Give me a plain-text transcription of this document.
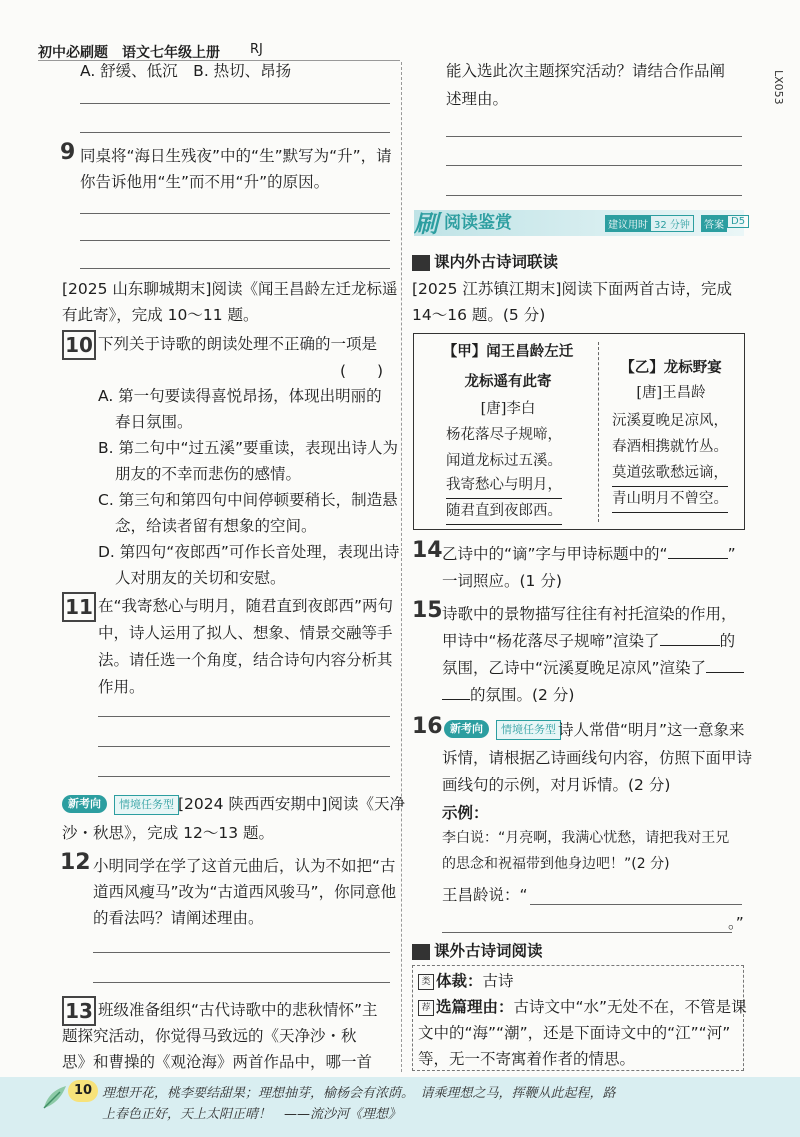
初中必刷题　语文七年级上册 RJ
LX053
A. 舒缓、低沉　B. 热切、昂扬
9 同桌将“海日生残夜”中的“生”默写为“升”，请
你告诉他用“生”而不用“升”的原因。
[2025 山东聊城期末]阅读《闻王昌龄左迁龙标遥
有此寄》，完成 10～11 题。
10 下列关于诗歌的朗读处理不正确的一项是
(　　)
A. 第一句要读得喜悦昂扬，体现出明丽的
春日氛围。
B. 第二句中“过五溪”要重读，表现出诗人为
朋友的不幸而悲伤的感情。
C. 第三句和第四句中间停顿要稍长，制造悬
念，给读者留有想象的空间。
D. 第四句“夜郎西”可作长音处理，表现出诗
人对朋友的关切和安慰。
11 在“我寄愁心与明月，随君直到夜郎西”两句
中，诗人运用了拟人、想象、情景交融等手
法。请任选一个角度，结合诗句内容分析其
作用。
新考向	情境任务型 [2024 陕西西安期中]阅读《天净
沙・秋思》，完成 12～13 题。
12 小明同学在学了这首元曲后，认为不如把“古
道西风瘦马”改为“古道西风骏马”，你同意他
的看法吗？请阐述理由。
13 班级准备组织“古代诗歌中的悲秋情怀”主
题探究活动，你觉得马致远的《天净沙・秋
思》和曹操的《观沧海》两首作品中，哪一首
能入选此次主题探究活动？请结合作品阐
述理由。
刷 阅读鉴赏	建议用时 32 分钟	答案 D5
课内外古诗词联读
[2025 江苏镇江期末]阅读下面两首古诗，完成
14～16 题。(5 分)
【甲】闻王昌龄左迁
龙标遥有此寄
[唐]李白
杨花落尽子规啼，
闻道龙标过五溪。
我寄愁心与明月，
随君直到夜郎西。
【乙】龙标野宴
[唐]王昌龄
沅溪夏晚足凉风，
春酒相携就竹丛。
莫道弦歌愁远谪，
青山明月不曾空。
14 乙诗中的“谪”字与甲诗标题中的“	”
一词照应。(1 分)
15 诗歌中的景物描写往往有衬托渲染的作用，
甲诗中“杨花落尽子规啼”渲染了	的
氛围，乙诗中“沅溪夏晚足凉风”渲染了
的氛围。(2 分)
16 新考向	情境任务型 诗人常借“明月”这一意象来
诉情，请根据乙诗画线句内容，仿照下面甲诗
画线句的示例，对月诉情。(2 分)
示例：
李白说：“月亮啊，我满心忧愁，请把我对王兄
的思念和祝福带到他身边吧！”(2 分)
王昌龄说：“
。”
课外古诗词阅读
类 体裁：古诗
荐 选篇理由：古诗文中“水”无处不在，不管是课
文中的“海”“潮”，还是下面诗文中的“江”“河”
等，无一不寄寓着作者的情思。
10 理想开花，桃李要结甜果；理想抽芽，榆杨会有浓荫。　请乘理想之马，挥鞭从此起程，路
上春色正好，天上太阳正晴！　——流沙河《理想》
